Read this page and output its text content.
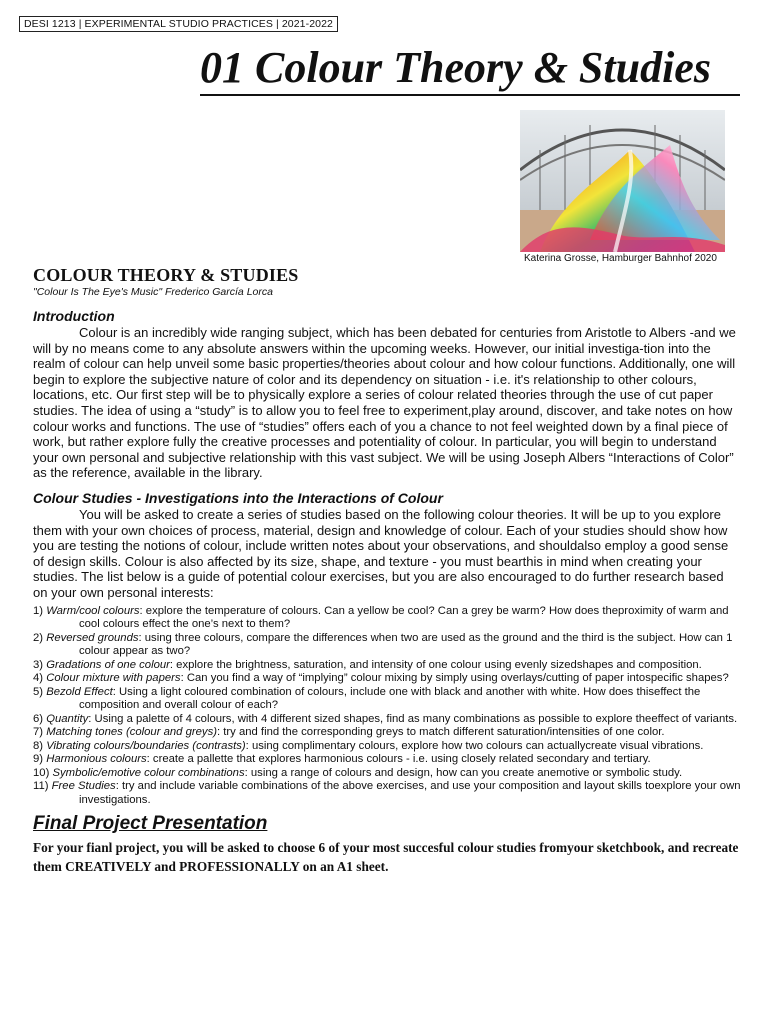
DESI 1213 | EXPERIMENTAL STUDIO PRACTICES | 2021-2022
01 Colour Theory & Studies
Katerina Grosse, Hamburger Bahnhof 2020
COLOUR THEORY & STUDIES

"Colour Is The Eye's Music" Frederico García Lorca

Introduction

Colour is an incredibly wide ranging subject, which has been debated for centuries from Aristotle to Albers -and we will by no means come to any absolute answers within the upcoming weeks. However, our initial investiga-tion into the realm of colour can help unveil some basic properties/theories about colour and how colour functions. Additionally, one will begin to explore the subjective nature of color and its dependency on situation - i.e. it's relationship to other colours, locations, etc. Our first step will be to physically explore a series of colour related theories through the use of cut paper studies. The idea of using a “study” is to allow you to feel free to experiment,play around, discover, and take notes on how colour works and functions. The use of “studies” offers each of you a chance to not feel weighted down by a final piece of work, but rather explore fully the creative processes and potentiality of colour. In particular, you will begin to understand your own personal and subjective relationship with this vast subject. We will be using Joseph Albers “Interactions of Color” as the reference, available in the library.

Colour Studies - Investigations into the Interactions of Colour

You will be asked to create a series of studies based on the following colour theories. It will be up to you explore them with your own choices of process, material, design and knowledge of colour. Each of your studies should show how you are testing the notions of colour, include written notes about your observations, and shouldalso employ a good sense of design skills. Colour is also affected by its size, shape, and texture - you must bearthis in mind when creating your studies. The list below is a guide of potential colour exercises, but you are also encouraged to do further research based on your own personal interests:

1) Warm/cool colours: explore the temperature of colours. Can a yellow be cool? Can a grey be warm? How does theproximity of warm and cool colours effect the one’s next to them?
2) Reversed grounds: using three colours, compare the differences when two are used as the ground and the third is the subject. How can 1 colour appear as two?
3) Gradations of one colour: explore the brightness, saturation, and intensity of one colour using evenly sizedshapes and composition.
4) Colour mixture with papers: Can you find a way of “implying” colour mixing by simply using overlays/cutting of paper intospecific shapes?
5) Bezold Effect: Using a light coloured combination of colours, include one with black and another with white. How does thiseffect the composition and overall colour of each?
6) Quantity: Using a palette of 4 colours, with 4 different sized shapes, find as many combinations as possible to explore theeffect of variants.
7) Matching tones (colour and greys): try and find the corresponding greys to match different saturation/intensities of one color.
8) Vibrating colours/boundaries (contrasts): using complimentary colours, explore how two colours can actuallycreate visual vibrations.
9) Harmonious colours: create a pallette that explores harmonious colours - i.e. using closely related secondary and tertiary.
10) Symbolic/emotive colour combinations: using a range of colours and design, how can you create anemotive or symbolic study.
11) Free Studies: try and include variable combinations of the above exercises, and use your composition and layout skills toexplore your own investigations.
Final Project Presentation

For your fianl project, you will be asked to choose 6 of your most succesful colour studies fromyour sketchbook, and recreate them CREATIVELY and PROFESSIONALLY on an A1 sheet.
